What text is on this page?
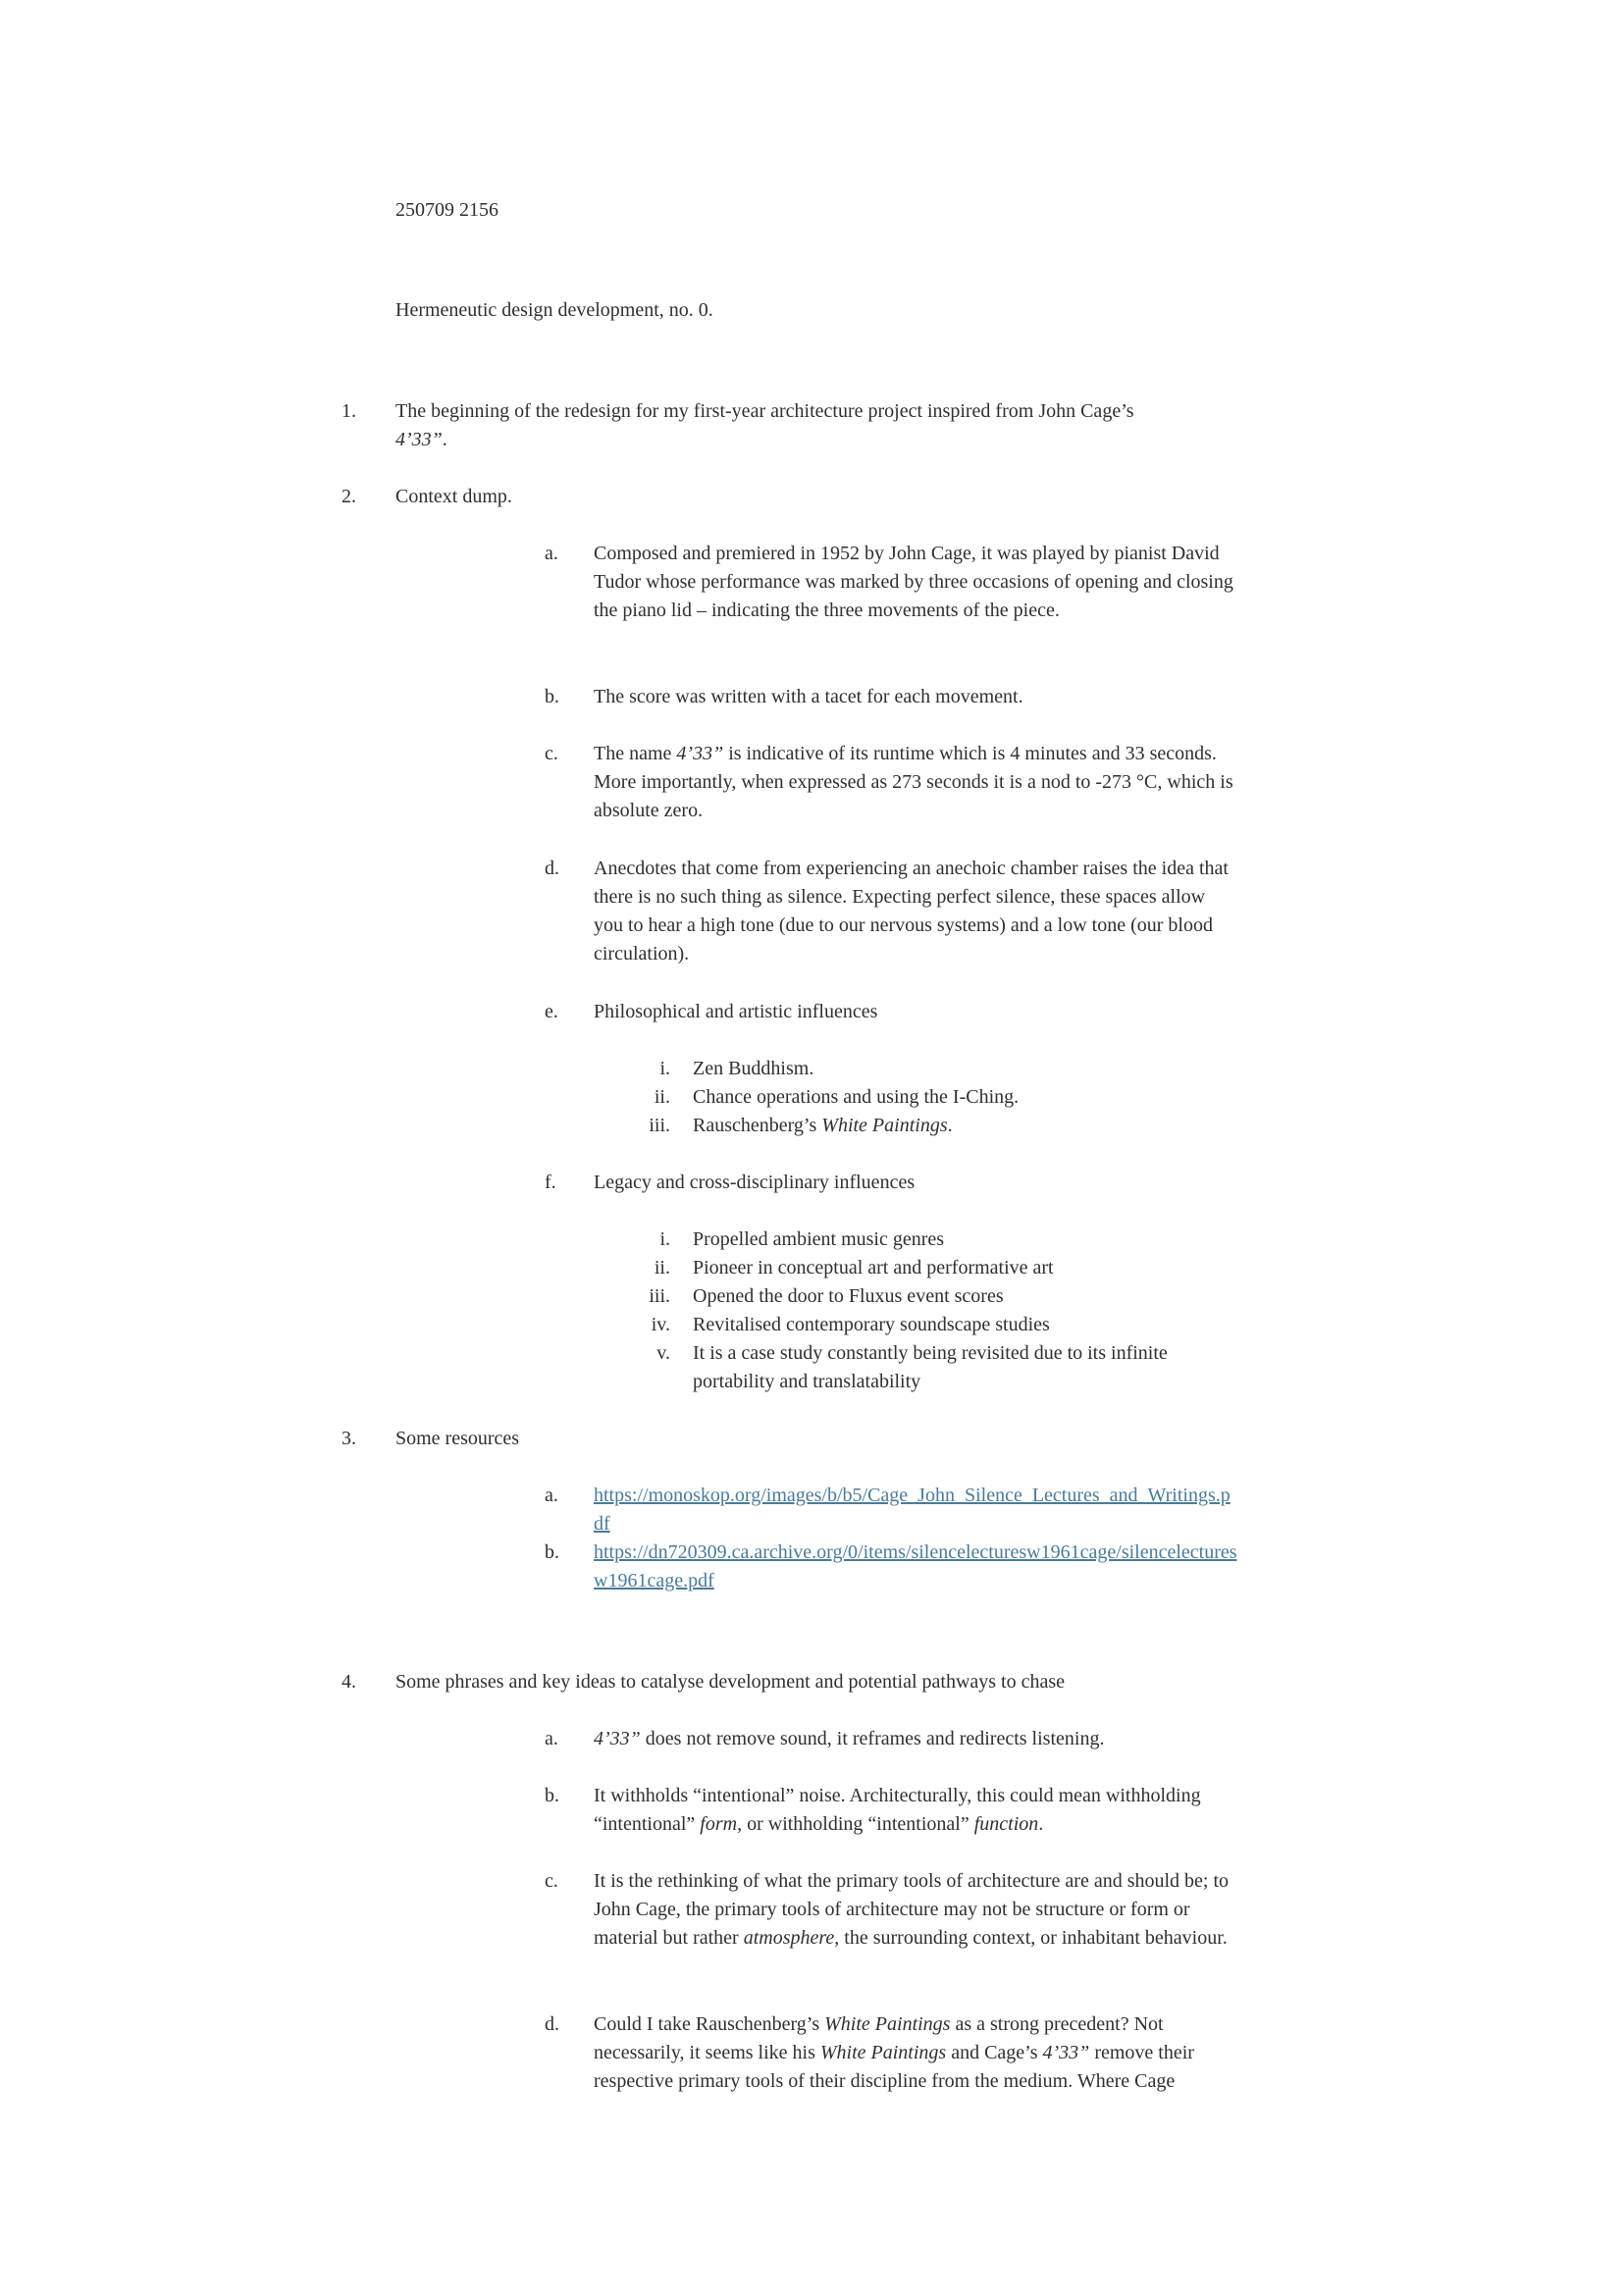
250709 2156
Hermeneutic design development, no. 0.
1. The beginning of the redesign for my first-year architecture project inspired from John Cage’s
4’33”.
2. Context dump.
a. Composed and premiered in 1952 by John Cage, it was played by pianist David Tudor whose performance was marked by three occasions of opening and closing the piano lid – indicating the three movements of the piece.
b. The score was written with a tacet for each movement.
c. The name 4’33” is indicative of its runtime which is 4 minutes and 33 seconds. More importantly, when expressed as 273 seconds it is a nod to -273 °C, which is absolute zero.
d. Anecdotes that come from experiencing an anechoic chamber raises the idea that there is no such thing as silence. Expecting perfect silence, these spaces allow you to hear a high tone (due to our nervous systems) and a low tone (our blood circulation).
e. Philosophical and artistic influences
i. Zen Buddhism.
ii. Chance operations and using the I-Ching.
iii. Rauschenberg’s White Paintings.
f. Legacy and cross-disciplinary influences
i. Propelled ambient music genres
ii. Pioneer in conceptual art and performative art
iii. Opened the door to Fluxus event scores
iv. Revitalised contemporary soundscape studies
v. It is a case study constantly being revisited due to its infinite portability and translatability
3. Some resources
a. https://monoskop.org/images/b/b5/Cage_John_Silence_Lectures_and_Writings.pdf
b. https://dn720309.ca.archive.org/0/items/silencelecturesw1961cage/silencelecturesw1961cage.pdf
4. Some phrases and key ideas to catalyse development and potential pathways to chase
a. 4’33” does not remove sound, it reframes and redirects listening.
b. It withholds “intentional” noise. Architecturally, this could mean withholding “intentional” form, or withholding “intentional” function.
c. It is the rethinking of what the primary tools of architecture are and should be; to John Cage, the primary tools of architecture may not be structure or form or material but rather atmosphere, the surrounding context, or inhabitant behaviour.
d. Could I take Rauschenberg’s White Paintings as a strong precedent? Not necessarily, it seems like his White Paintings and Cage’s 4’33” remove their respective primary tools of their discipline from the medium. Where Cage
